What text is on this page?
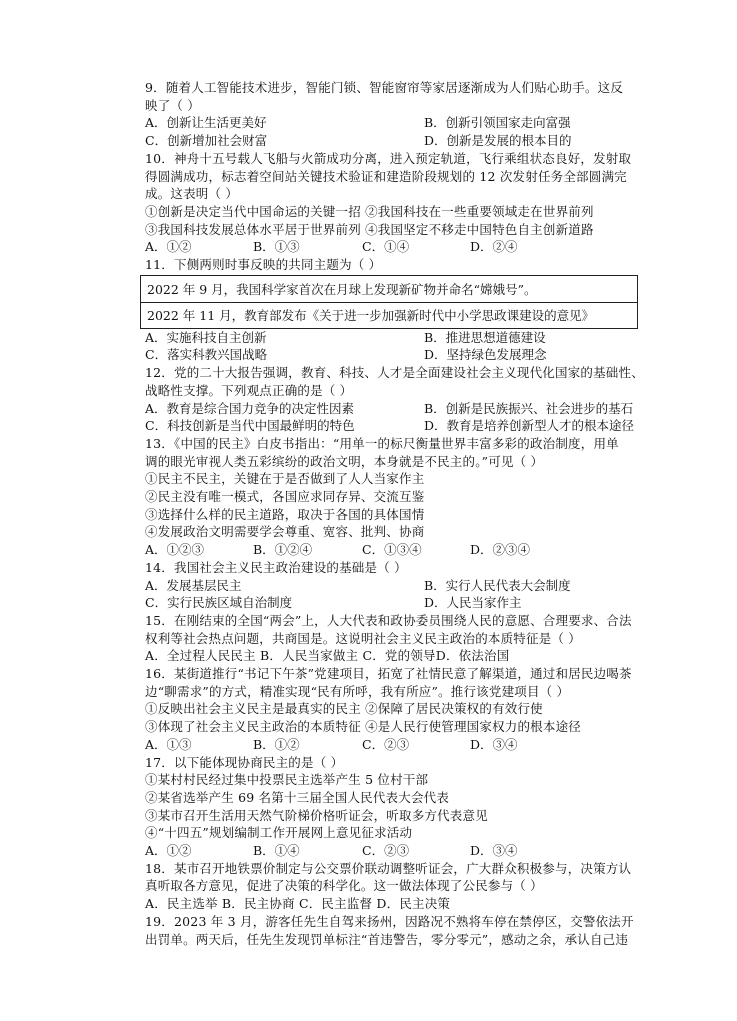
9．随着人工智能技术进步，智能门锁、智能窗帘等家居逐渐成为人们贴心助手。这反
映了（ ）
A．创新让生活更美好	B．创新引领国家走向富强
C．创新增加社会财富	D．创新是发展的根本目的
10．神舟十五号载人飞船与火箭成功分离，进入预定轨道，飞行乘组状态良好，发射取
得圆满成功，标志着空间站关键技术验证和建造阶段规划的 12 次发射任务全部圆满完
成。这表明（ ）
①创新是决定当代中国命运的关键一招 ②我国科技在一些重要领域走在世界前列
③我国科技发展总体水平居于世界前列 ④我国坚定不移走中国特色自主创新道路
A．①②	B．①③	C．①④	D．②④
11．下侧两则时事反映的共同主题为（ ）
2022 年 9 月，我国科学家首次在月球上发现新矿物并命名“嫦娥号”。
2022 年 11 月，教育部发布《关于进一步加强新时代中小学思政课建设的意见》
A．实施科技自主创新	B．推进思想道德建设
C．落实科教兴国战略	D．坚持绿色发展理念
12．党的二十大报告强调，教育、科技、人才是全面建设社会主义现代化国家的基础性、
战略性支撑。下列观点正确的是（ ）
A．教育是综合国力竞争的决定性因素	B．创新是民族振兴、社会进步的基石
C．科技创新是当代中国最鲜明的特色	D．教育是培养创新型人才的根本途径
13．《中国的民主》白皮书指出：“用单一的标尺衡量世界丰富多彩的政治制度，用单
调的眼光审视人类五彩缤纷的政治文明，本身就是不民主的。”可见（ ）
①民主不民主，关键在于是否做到了人人当家作主
②民主没有唯一模式，各国应求同存异、交流互鉴
③选择什么样的民主道路，取决于各国的具体国情
④发展政治文明需要学会尊重、宽容、批判、协商
A．①②③	B．①②④	C．①③④	D．②③④
14．我国社会主义民主政治建设的基础是（ ）
A．发展基层民主	B．实行人民代表大会制度
C．实行民族区域自治制度	D．人民当家作主
15．在刚结束的全国“两会”上，人大代表和政协委员围绕人民的意愿、合理要求、合法
权利等社会热点问题，共商国是。这说明社会主义民主政治的本质特征是（ ）
A．全过程人民民主 B．人民当家做主 C．党的领导D．依法治国
16．某街道推行“书记下午茶”党建项目，拓宽了社情民意了解渠道，通过和居民边喝茶
边“聊需求”的方式，精准实现“民有所呼，我有所应”。推行该党建项目（ ）
①反映出社会主义民主是最真实的民主 ②保障了居民决策权的有效行使
③体现了社会主义民主政治的本质特征 ④是人民行使管理国家权力的根本途径
A．①③	B．①②	C．②③	D．③④
17．以下能体现协商民主的是（ ）
①某村村民经过集中投票民主选举产生 5 位村干部
②某省选举产生 69 名第十三届全国人民代表大会代表
③某市召开生活用天然气阶梯价格听证会，听取多方代表意见
④“十四五”规划编制工作开展网上意见征求活动
A．①②	B．①④	C．②③	D．③④
18．某市召开地铁票价制定与公交票价联动调整听证会，广大群众积极参与，决策方认
真听取各方意见，促进了决策的科学化。这一做法体现了公民参与（ ）
A．民主选举 B．民主协商 C．民主监督 D．民主决策
19．2023 年 3 月，游客任先生自驾来扬州，因路况不熟将车停在禁停区，交警依法开
出罚单。两天后，任先生发现罚单标注“首违警告，零分零元”，感动之余，承认自己违
